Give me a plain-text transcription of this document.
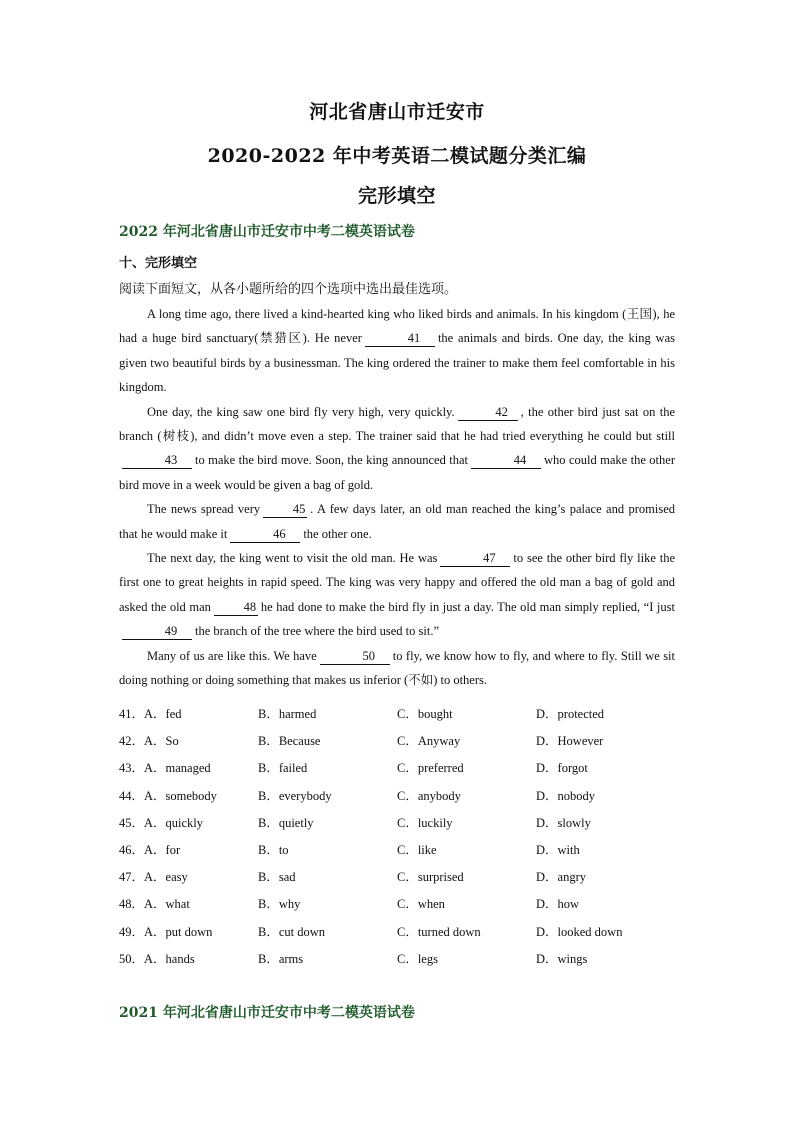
河北省唐山市迁安市
2020-2022 年中考英语二模试题分类汇编
完形填空
2022 年河北省唐山市迁安市中考二模英语试卷
十、完形填空
阅读下面短文，从各小题所给的四个选项中选出最佳选项。

A long time ago, there lived a kind-hearted king who liked birds and animals. In his kingdom (王国), he had a huge bird sanctuary(禁猎区). He never	41 the animals and birds. One day, the king was given two beautiful birds by a businessman. The king ordered the trainer to make them feel comfortable in his kingdom.

One day, the king saw one bird fly very high, very quickly.	42 , the other bird just sat on the branch (树枝), and didn’t move even a step. The trainer said that he had tried everything he could but still43 to make the bird move. Soon, the king announced that	44 who could make the other bird move in a week would be given a bag of gold.

The news spread very	45 . A few days later, an old man reached the king’s palace and promised that he would make it	46 the other one.

The next day, the king went to visit the old man. He was	47 to see the other bird fly like the first one to great heights in rapid speed. The king was very happy and offered the old man a bag of gold and asked the old man	48 he had done to make the bird fly in just a day. The old man simply replied, “I just49 the branch of the tree where the bird used to sit.”

Many of us are like this. We have	50 to fly, we know how to fly, and where to fly. Still we sit doing nothing or doing something that makes us inferior (不如) to others.

41．A．fed	B．harmed	C．bought	D．protected
42．A．So	B．Because	C．Anyway	D．However
43．A．managed	B．failed	C．preferred	D．forgot
44．A．somebody	B．everybody	C．anybody	D．nobody
45．A．quickly	B．quietly	C．luckily	D．slowly
46．A．for	B．to	C．like	D．with
47．A．easy	B．sad	C．surprised	D．angry
48．A．what	B．why	C．when	D．how
49．A．put down	B．cut down	C．turned down	D．looked down
50．A．hands	B．arms	C．legs	D．wings
2021 年河北省唐山市迁安市中考二模英语试卷
